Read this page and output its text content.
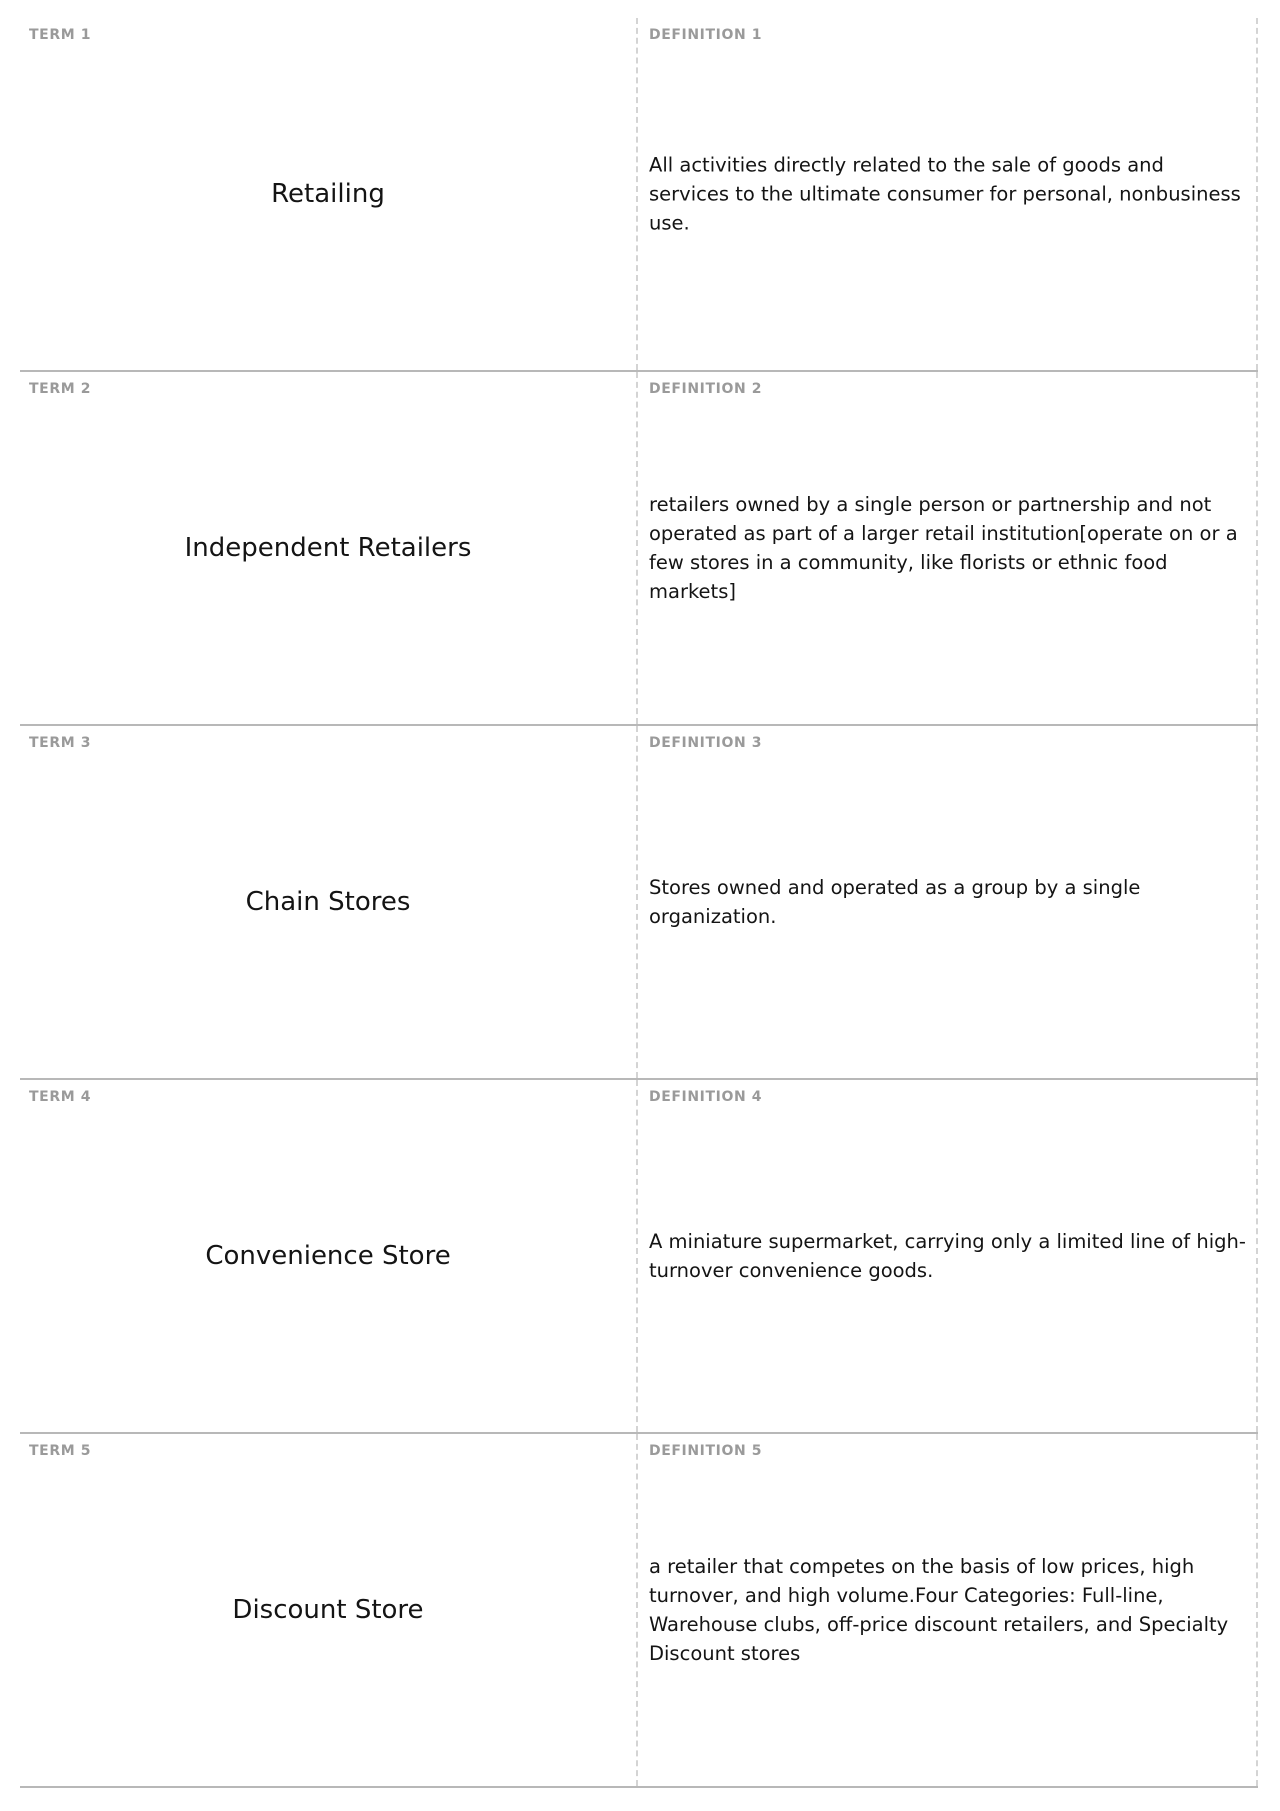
TERM 1
Retailing
DEFINITION 1
All activities directly related to the sale of goods and services to the ultimate consumer for personal, nonbusiness use.
TERM 2
Independent Retailers
DEFINITION 2
retailers owned by a single person or partnership and not operated as part of a larger retail institution[operate on or a few stores in a community, like florists or ethnic food markets]
TERM 3
Chain Stores
DEFINITION 3
Stores owned and operated as a group by a single organization.
TERM 4
Convenience Store
DEFINITION 4
A miniature supermarket, carrying only a limited line of high-turnover convenience goods.
TERM 5
Discount Store
DEFINITION 5
a retailer that competes on the basis of low prices, high turnover, and high volume.Four Categories: Full-line, Warehouse clubs, off-price discount retailers, and Specialty Discount stores
